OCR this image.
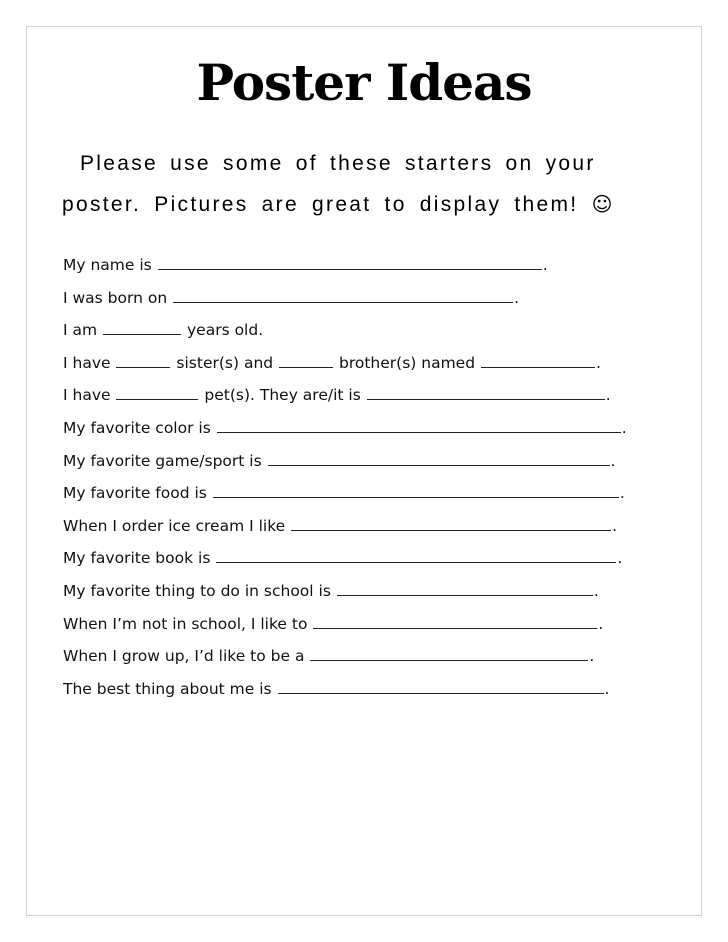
Poster Ideas
Please use some of these starters on your
poster. Pictures are great to display them! ☺
My name is	.
I was born on	.
I am	years old.
I have	sister(s) and	brother(s) named	.
I have	pet(s). They are/it is	.
My favorite color is	.
My favorite game/sport is	.
My favorite food is	.
When I order ice cream I like	.
My favorite book is	.
My favorite thing to do in school is	.
When I’m not in school, I like to	.
When I grow up, I’d like to be a	.
The best thing about me is	.
